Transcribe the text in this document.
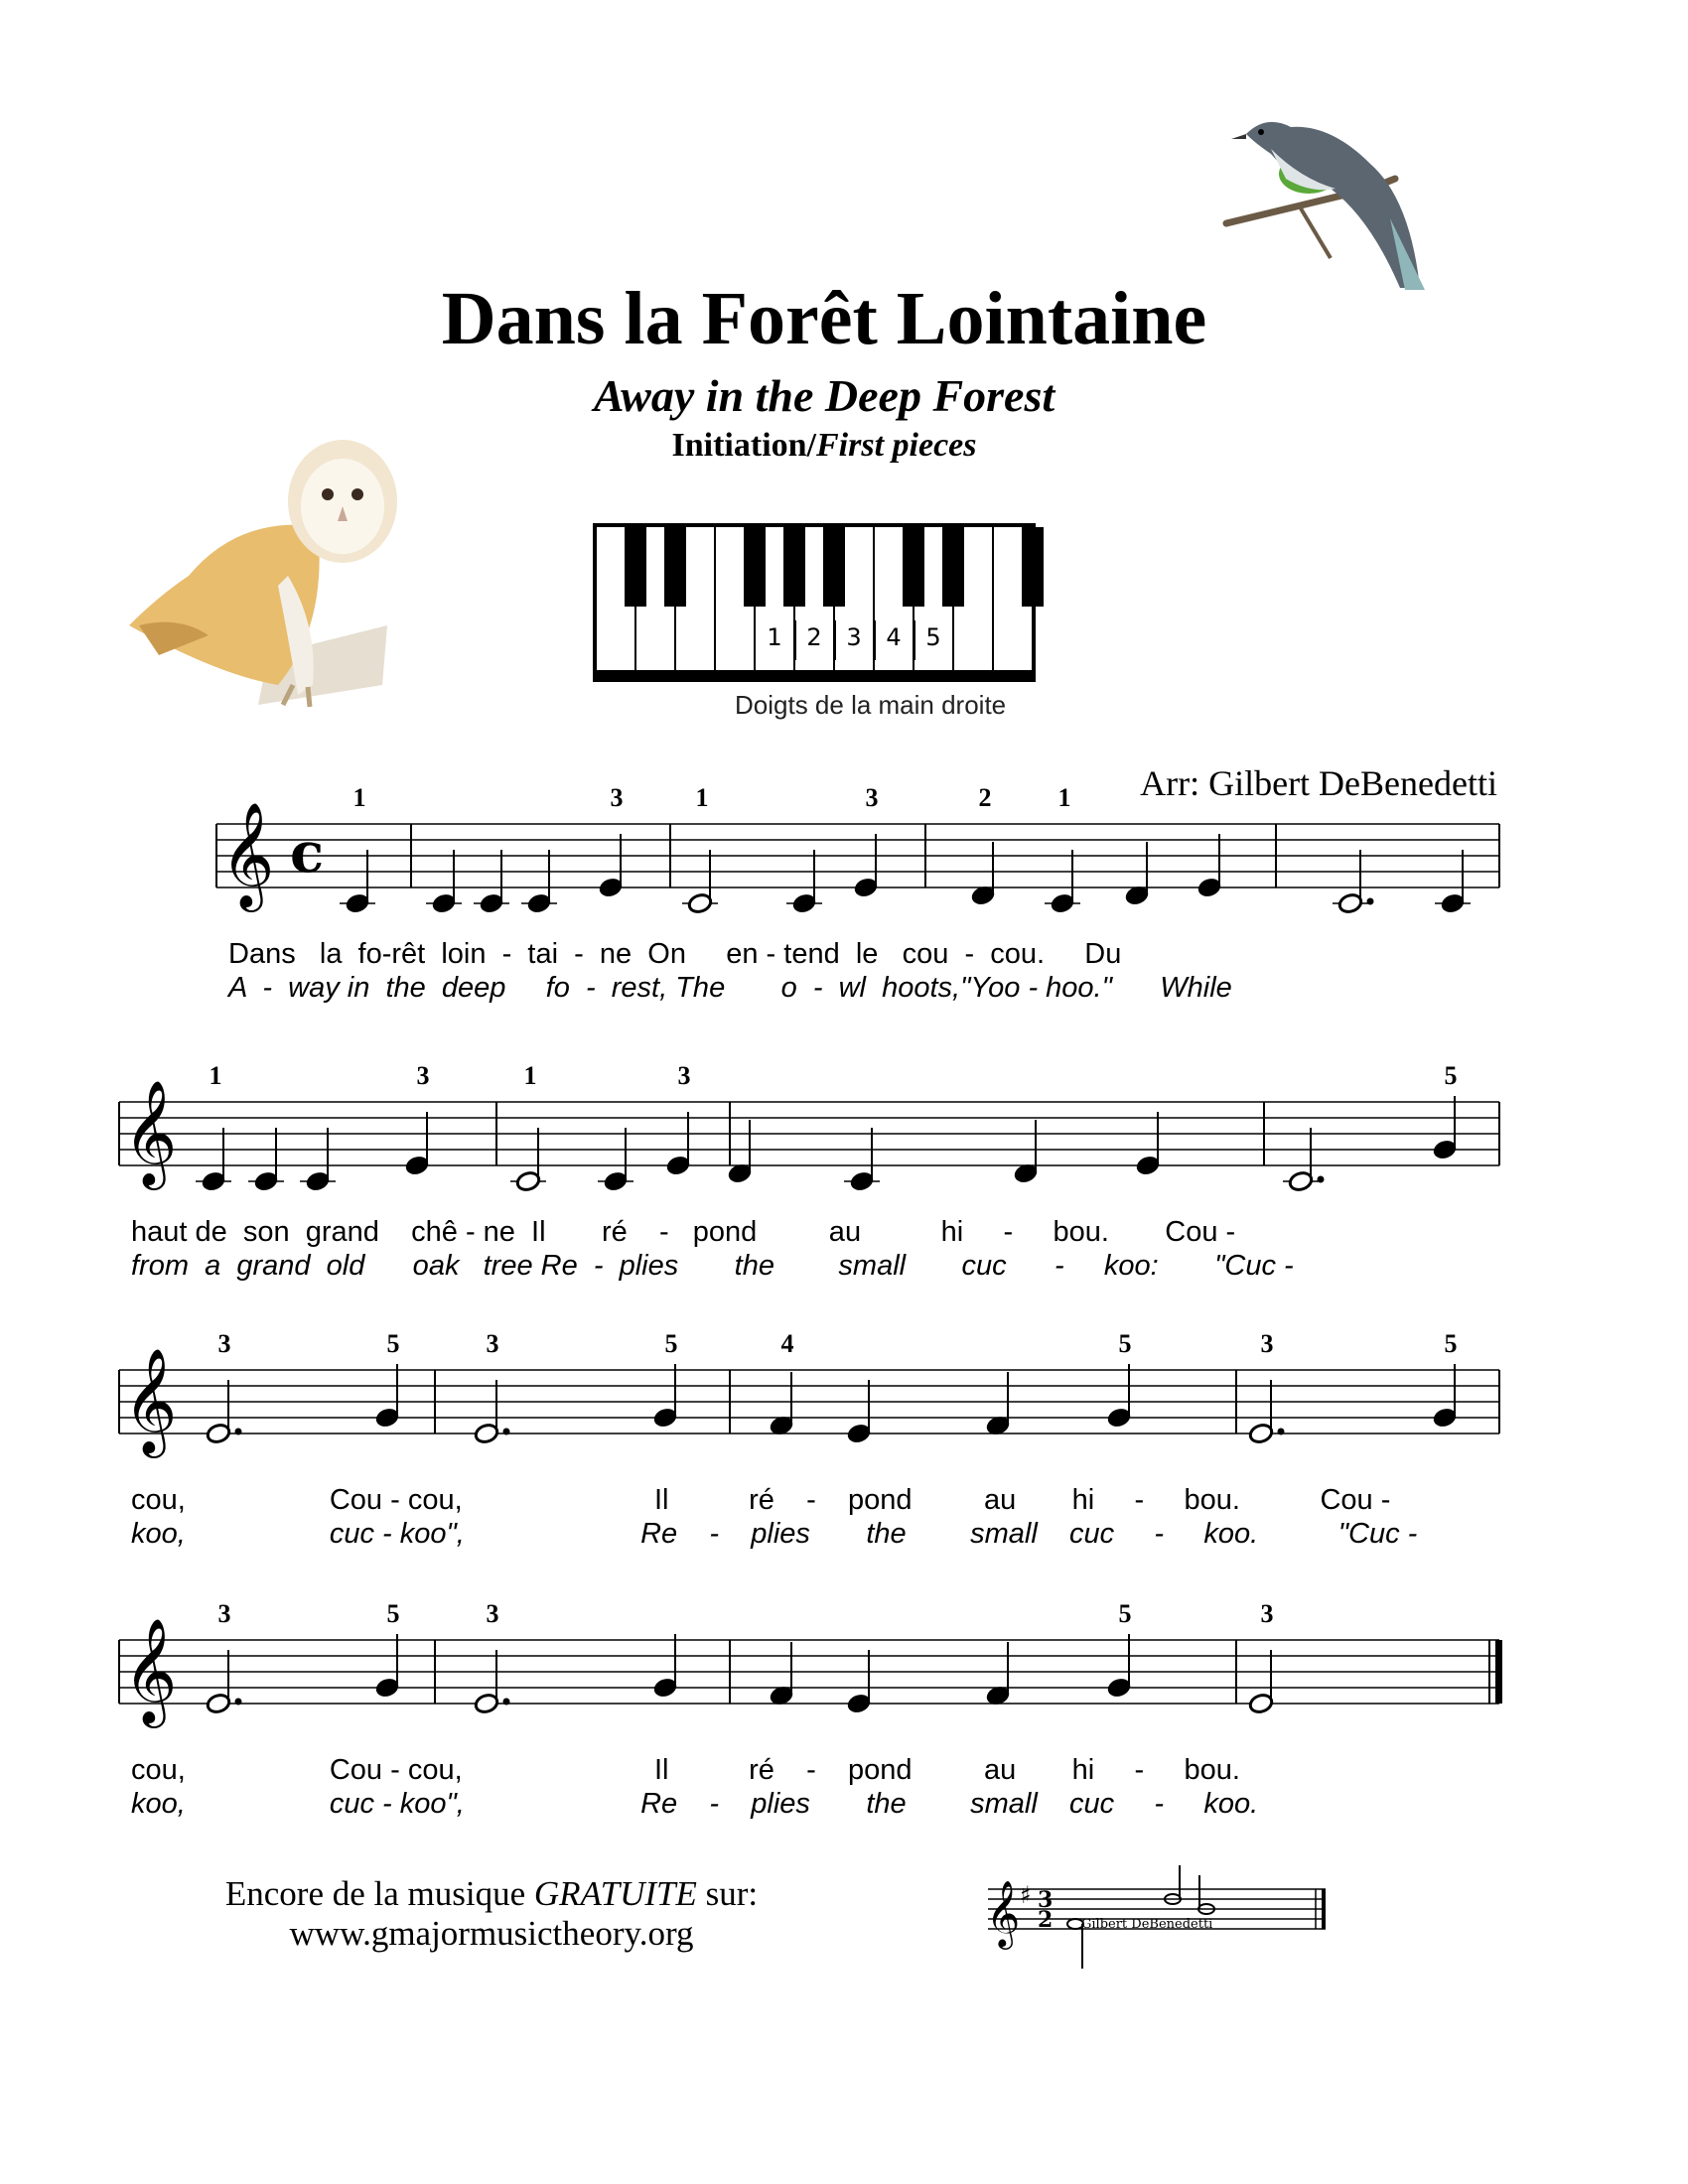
Dans la Forêt Lointaine
Away in the Deep Forest
Initiation/First pieces
1 2 3 4 5
Doigts de la main droite
Arr: Gilbert DeBenedetti
𝄞 c
1	3	1	3	2	1
Dans   la  fo-rêt  loin  -  tai  -  ne  On     en - tend  le   cou  -  cou.     Du
A  -  way in  the  deep     fo  -  rest, The       o  -  wl  hoots,"Yoo - hoo."      While
𝄞
1	3	1	3	5
haut de  son  grand    chê - ne  Il       ré    -   pond         au          hi     -     bou.       Cou -
from  a  grand  old      oak   tree Re  -  plies       the        small       cuc      -     koo:       "Cuc -
𝄞
3	5	3	5	4	5	3	5
cou,                  Cou - cou,                        Il          ré    -    pond         au       hi     -     bou.          Cou -
koo,                  cuc - koo",                      Re    -    plies       the        small    cuc     -     koo.          "Cuc -
𝄞
3	5	3	5	3
cou,                  Cou - cou,                        Il          ré    -    pond         au       hi     -     bou.
koo,                  cuc - koo",                      Re    -    plies       the        small    cuc     -     koo.
Encore de la musique GRATUITE sur:
www.gmajormusictheory.org	𝄞 ♯ 3
2 Gilbert DeBenedetti
